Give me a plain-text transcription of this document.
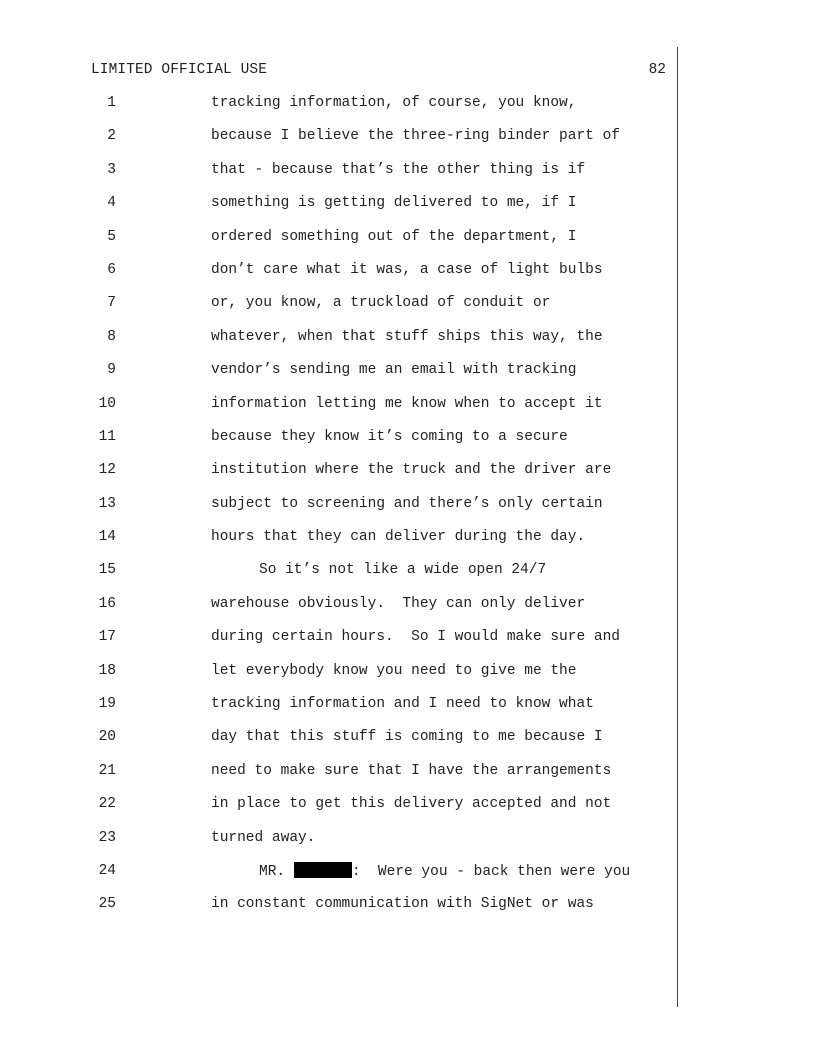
LIMITED OFFICIAL USE	82
1	tracking information, of course, you know,
2	because I believe the three-ring binder part of
3	that - because that’s the other thing is if
4	something is getting delivered to me, if I
5	ordered something out of the department, I
6	don’t care what it was, a case of light bulbs
7	or, you know, a truckload of conduit or
8	whatever, when that stuff ships this way, the
9	vendor’s sending me an email with tracking
10	information letting me know when to accept it
11	because they know it’s coming to a secure
12	institution where the truck and the driver are
13	subject to screening and there’s only certain
14	hours that they can deliver during the day.
15	So it’s not like a wide open 24/7
16	warehouse obviously.  They can only deliver
17	during certain hours.  So I would make sure and
18	let everybody know you need to give me the
19	tracking information and I need to know what
20	day that this stuff is coming to me because I
21	need to make sure that I have the arrangements
22	in place to get this delivery accepted and not
23	turned away.
24	MR.	:  Were you - back then were you
25	in constant communication with SigNet or was
